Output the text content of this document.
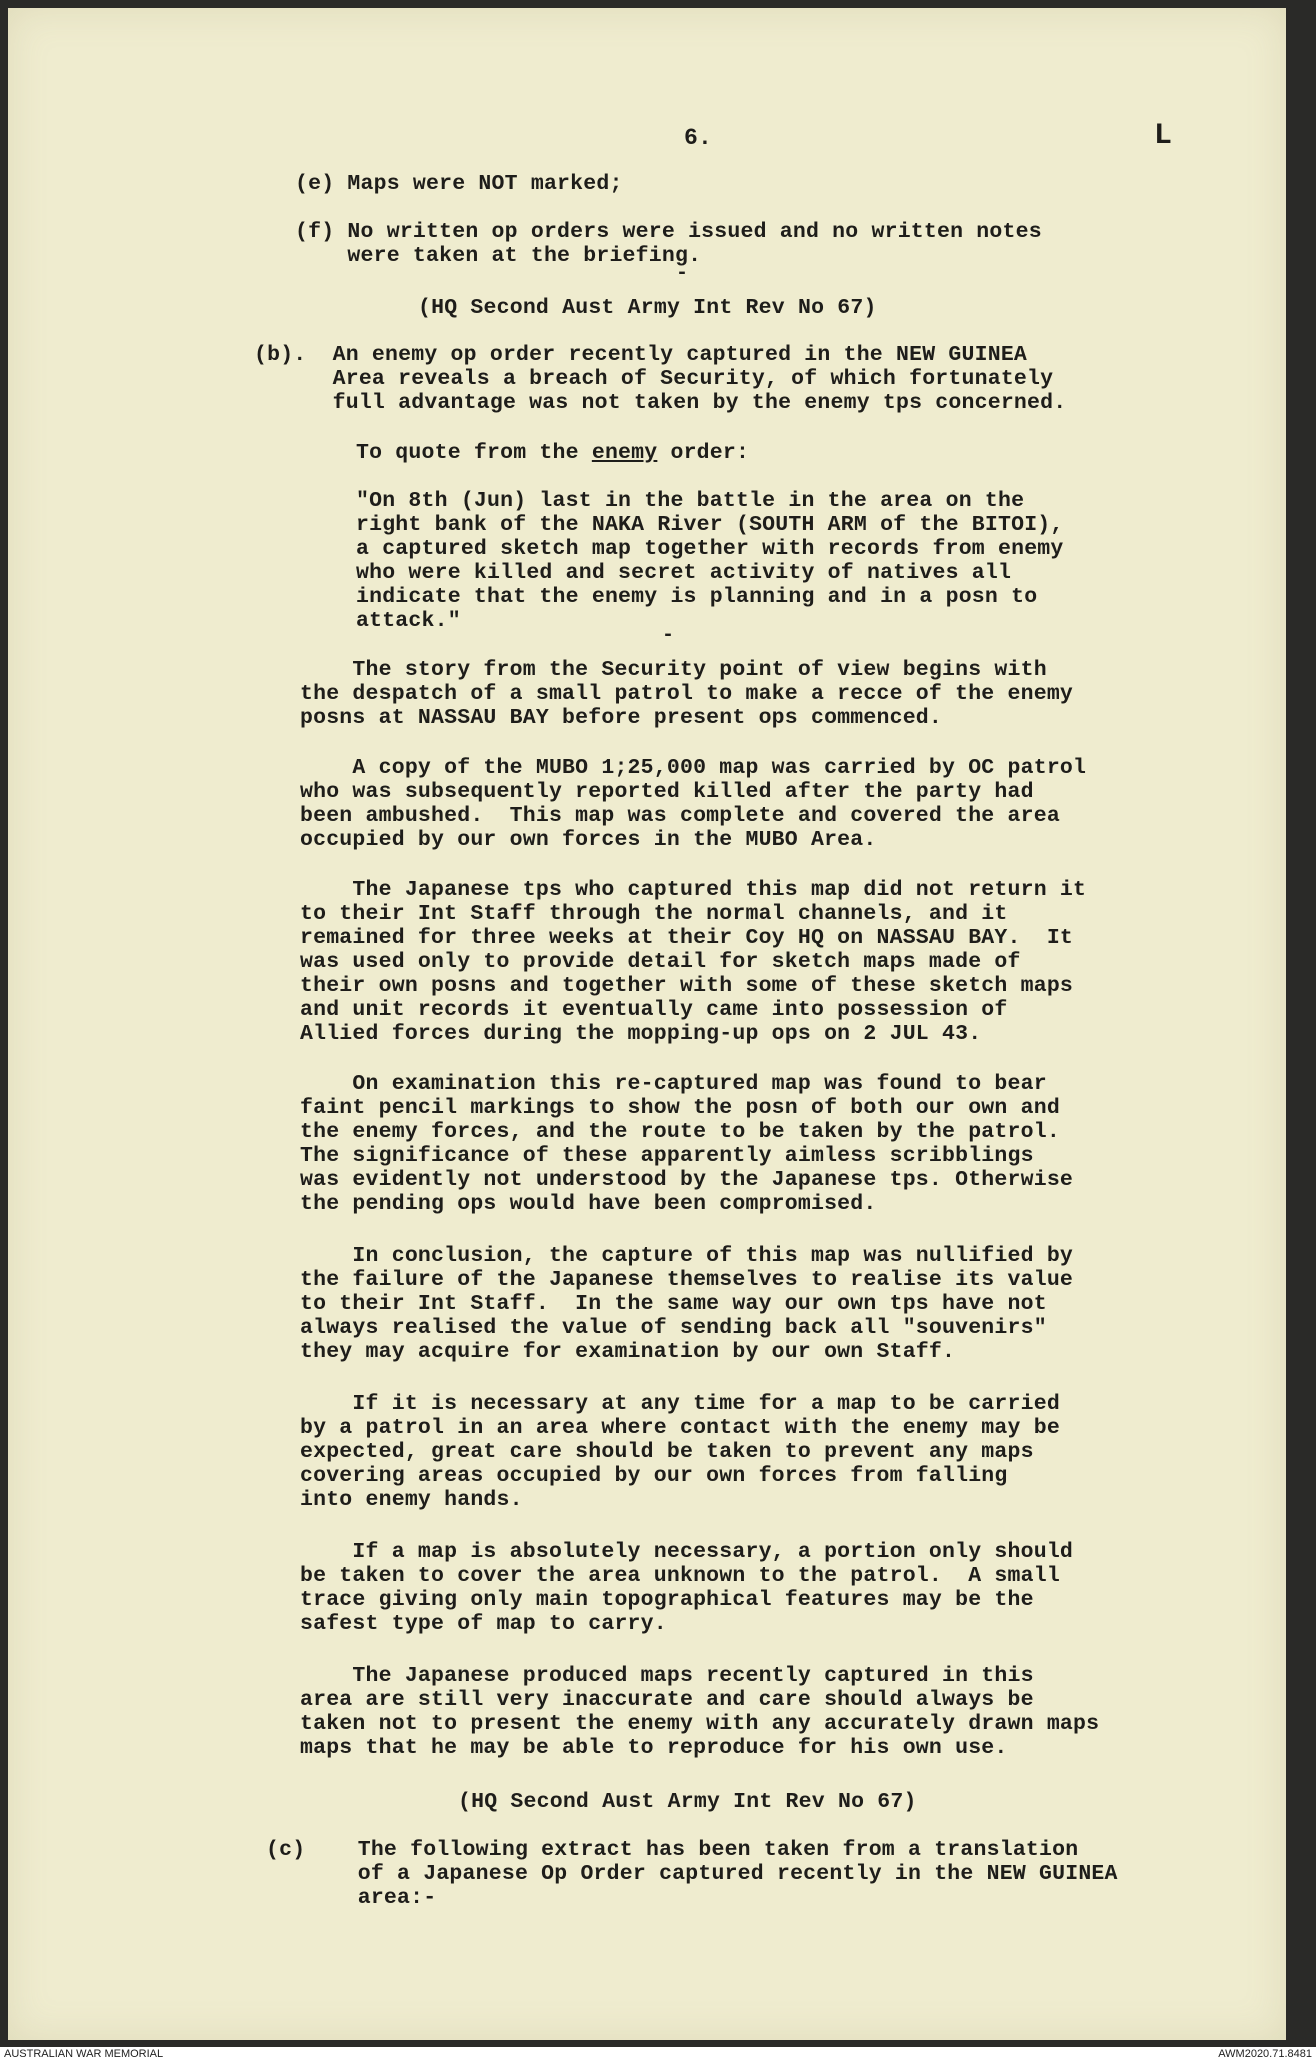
6.	L
(e) Maps were NOT marked;
(f) No written op orders were issued and no written notes
were taken at the briefing.
-
(HQ Second Aust Army Int Rev No 67)
(b).  An enemy op order recently captured in the NEW GUINEA
Area reveals a breach of Security, of which fortunately
full advantage was not taken by the enemy tps concerned.
To quote from the enemy order:
"On 8th (Jun) last in the battle in the area on the
right bank of the NAKA River (SOUTH ARM of the BITOI),
a captured sketch map together with records from enemy
who were killed and secret activity of natives all
indicate that the enemy is planning and in a posn to
attack."
-
The story from the Security point of view begins with
the despatch of a small patrol to make a recce of the enemy
posns at NASSAU BAY before present ops commenced.
A copy of the MUBO 1;25,000 map was carried by OC patrol
who was subsequently reported killed after the party had
been ambushed.  This map was complete and covered the area
occupied by our own forces in the MUBO Area.
The Japanese tps who captured this map did not return it
to their Int Staff through the normal channels, and it
remained for three weeks at their Coy HQ on NASSAU BAY.  It
was used only to provide detail for sketch maps made of
their own posns and together with some of these sketch maps
and unit records it eventually came into possession of
Allied forces during the mopping-up ops on 2 JUL 43.
On examination this re-captured map was found to bear
faint pencil markings to show the posn of both our own and
the enemy forces, and the route to be taken by the patrol.
The significance of these apparently aimless scribblings
was evidently not understood by the Japanese tps. Otherwise
the pending ops would have been compromised.
In conclusion, the capture of this map was nullified by
the failure of the Japanese themselves to realise its value
to their Int Staff.  In the same way our own tps have not
always realised the value of sending back all "souvenirs"
they may acquire for examination by our own Staff.
If it is necessary at any time for a map to be carried
by a patrol in an area where contact with the enemy may be
expected, great care should be taken to prevent any maps
covering areas occupied by our own forces from falling
into enemy hands.
If a map is absolutely necessary, a portion only should
be taken to cover the area unknown to the patrol.  A small
trace giving only main topographical features may be the
safest type of map to carry.
The Japanese produced maps recently captured in this
area are still very inaccurate and care should always be
taken not to present the enemy with any accurately drawn maps
maps that he may be able to reproduce for his own use.
(HQ Second Aust Army Int Rev No 67)
(c)    The following extract has been taken from a translation
of a Japanese Op Order captured recently in the NEW GUINEA
area:-
AUSTRALIAN WAR MEMORIAL	AWM2020.71.8481
